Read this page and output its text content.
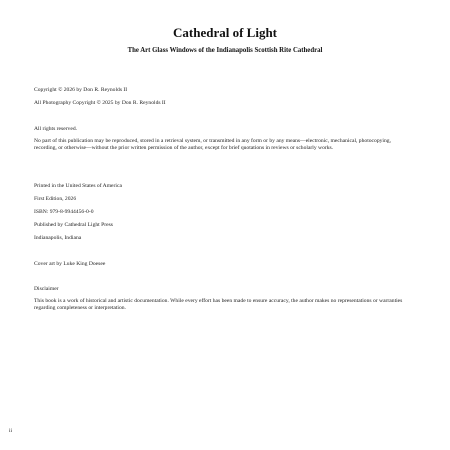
Cathedral of Light
The Art Glass Windows of the Indianapolis Scottish Rite Cathedral
Copyright © 2026 by Don R. Reynolds II
All Photography Copyright © 2025 by Don R. Reynolds II
All rights reserved.
No part of this publication may be reproduced, stored in a retrieval system, or transmitted in any form or by any means—electronic, mechanical, photocopying, recording, or otherwise—without the prior written permission of the author, except for brief quotations in reviews or scholarly works.
Printed in the United States of America
First Edition, 2026
ISBN: 979-8-9944456-0-0
Published by Cathedral Light Press
Indianapolis, Indiana
Cover art by Luke King Doesee
Disclaimer
This book is a work of historical and artistic documentation. While every effort has been made to ensure accuracy, the author makes no representations or warranties regarding completeness or interpretation.
ii
